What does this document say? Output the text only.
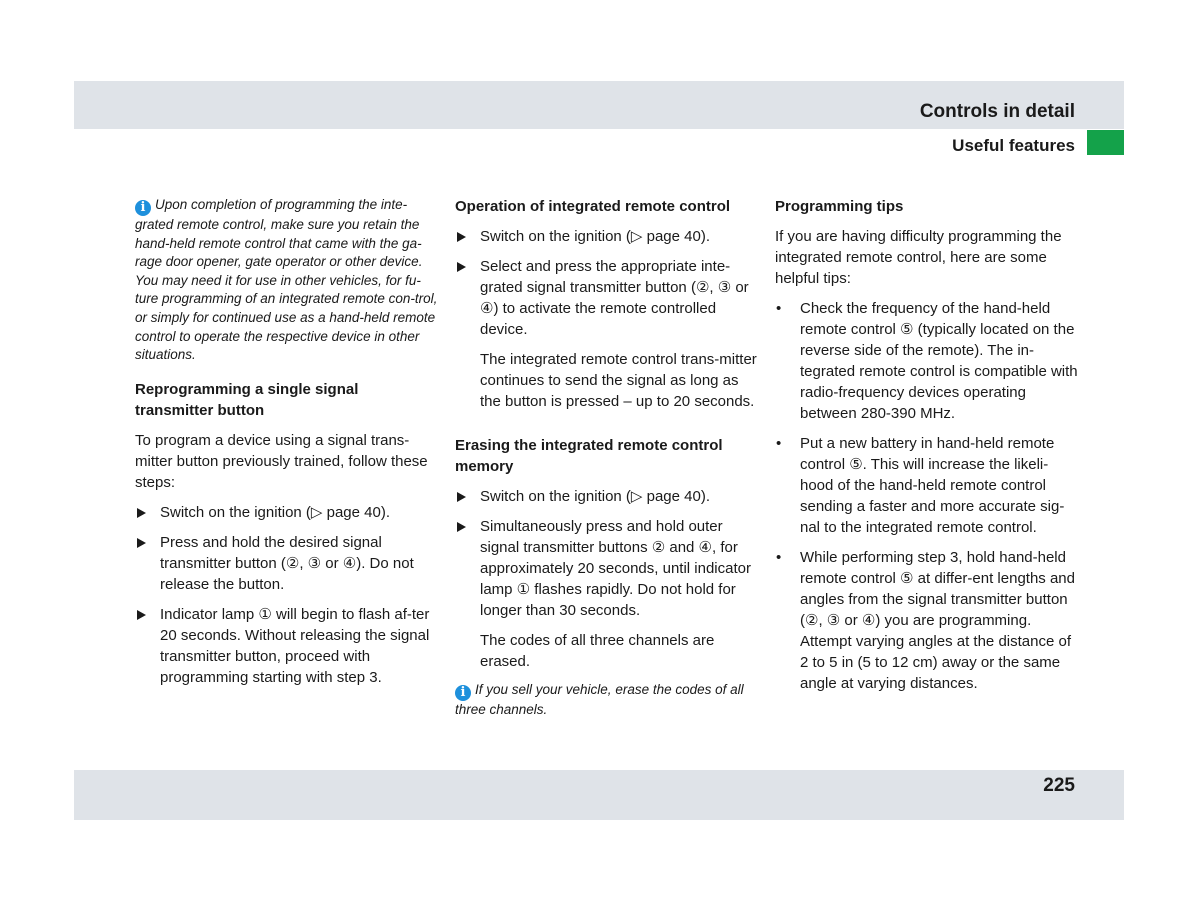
Controls in detail
Useful features

i Upon completion of programming the inte-grated remote control, make sure you retain the hand-held remote control that came with the ga-rage door opener, gate operator or other device. You may need it for use in other vehicles, for fu-ture programming of an integrated remote con-trol, or simply for continued use as a hand-held remote control to operate the respective device in other situations.

Reprogramming a single signal transmitter button

To program a device using a signal trans-mitter button previously trained, follow these steps:

Switch on the ignition (▷ page 40).
Press and hold the desired signal transmitter button (②, ③ or ④). Do not release the button.
Indicator lamp ① will begin to flash af-ter 20 seconds. Without releasing the signal transmitter button, proceed with programming starting with step 3.

Operation of integrated remote control

Switch on the ignition (▷ page 40).
Select and press the appropriate inte-grated signal transmitter button (②, ③ or ④) to activate the remote controlled device.

The integrated remote control trans-mitter continues to send the signal as long as the button is pressed – up to 20 seconds.

Erasing the integrated remote control memory

Switch on the ignition (▷ page 40).
Simultaneously press and hold outer signal transmitter buttons ② and ④, for approximately 20 seconds, until indicator lamp ① flashes rapidly. Do not hold for longer than 30 seconds.

The codes of all three channels are erased.

i If you sell your vehicle, erase the codes of all three channels.

Programming tips

If you are having difficulty programming the integrated remote control, here are some helpful tips:

• Check the frequency of the hand-held remote control ⑤ (typically located on the reverse side of the remote). The in-tegrated remote control is compatible with radio-frequency devices operating between 280-390 MHz.
• Put a new battery in hand-held remote control ⑤. This will increase the likeli-hood of the hand-held remote control sending a faster and more accurate sig-nal to the integrated remote control.
• While performing step 3, hold hand-held remote control ⑤ at differ-ent lengths and angles from the signal transmitter button (②, ③ or ④) you are programming. Attempt varying angles at the distance of 2 to 5 in (5 to 12 cm) away or the same angle at varying distances.
225
